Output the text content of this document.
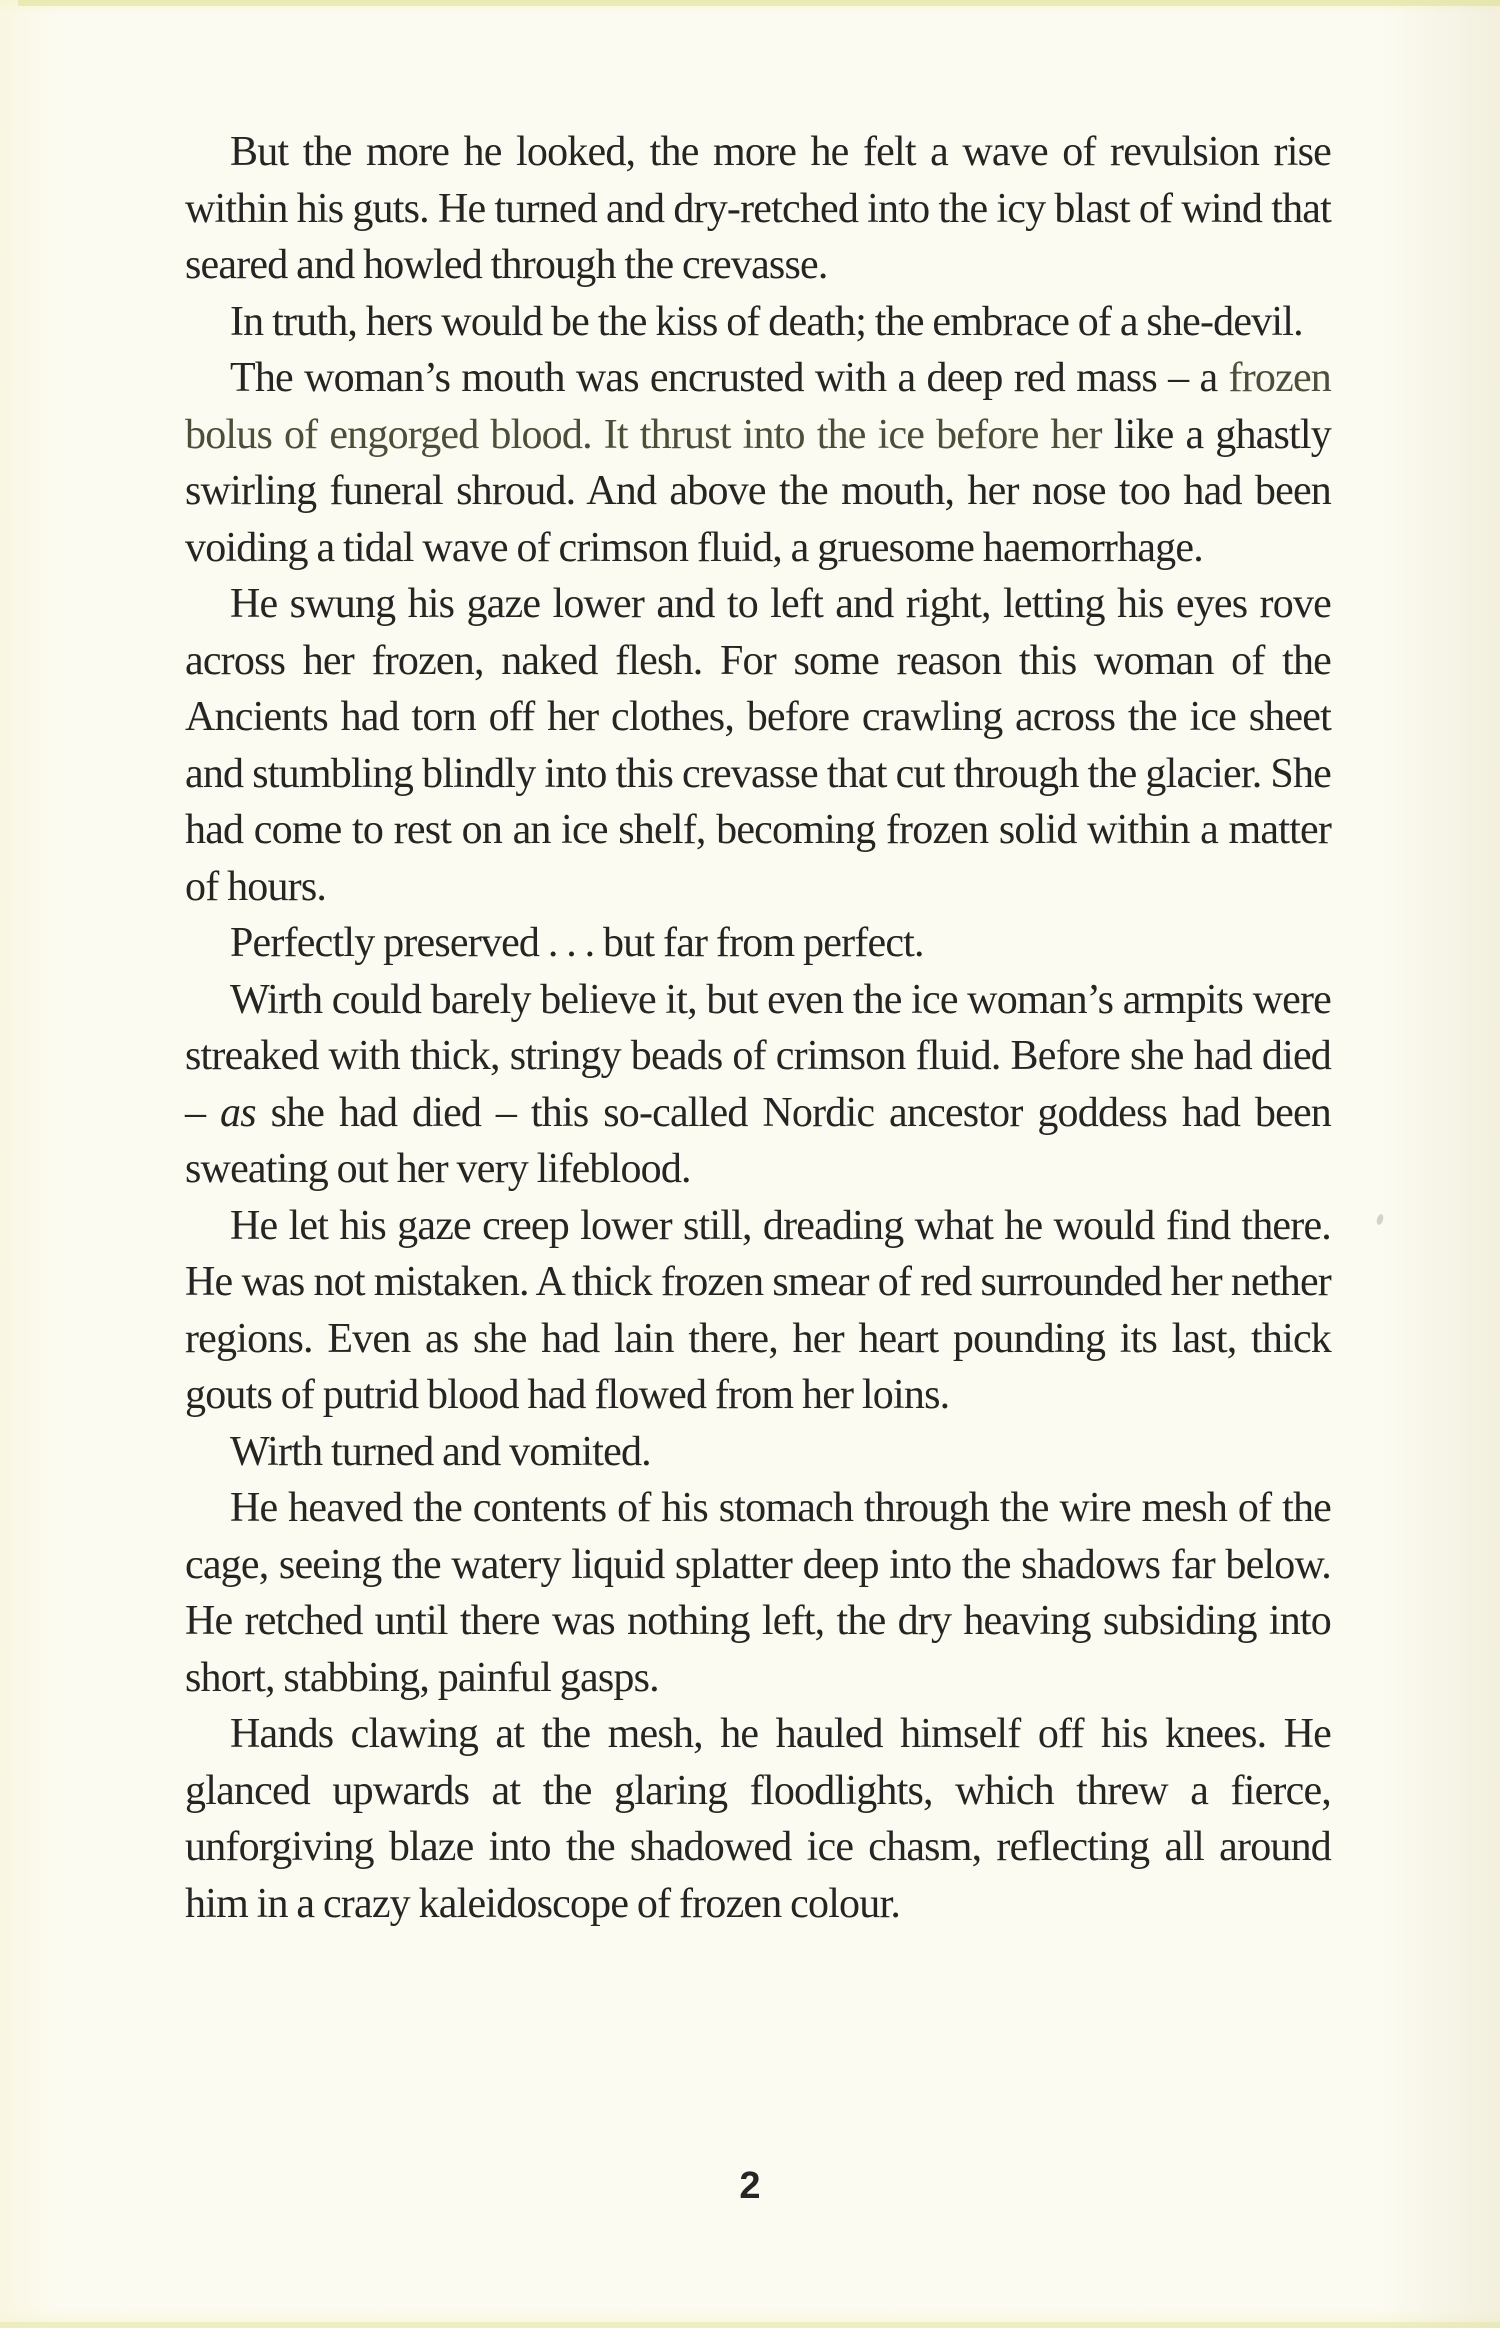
But the more he looked, the more he felt a wave of revulsion rise within his guts. He turned and dry-retched into the icy blast of wind that seared and howled through the crevasse.

In truth, hers would be the kiss of death; the embrace of a she-devil.

The woman’s mouth was encrusted with a deep red mass – a frozen bolus of engorged blood. It thrust into the ice before her like a ghastly swirling funeral shroud. And above the mouth, her nose too had been voiding a tidal wave of crimson fluid, a gruesome haemorrhage.

He swung his gaze lower and to left and right, letting his eyes rove across her frozen, naked flesh. For some reason this woman of the Ancients had torn off her clothes, before crawling across the ice sheet and stumbling blindly into this crevasse that cut through the glacier. She had come to rest on an ice shelf, becoming frozen solid within a matter of hours.

Perfectly preserved . . . but far from perfect.

Wirth could barely believe it, but even the ice woman’s armpits were streaked with thick, stringy beads of crimson fluid. Before she had died – as she had died – this so-called Nordic ancestor goddess had been sweating out her very lifeblood.

He let his gaze creep lower still, dreading what he would find there. He was not mistaken. A thick frozen smear of red surrounded her nether regions. Even as she had lain there, her heart pounding its last, thick gouts of putrid blood had flowed from her loins.

Wirth turned and vomited.

He heaved the contents of his stomach through the wire mesh of the cage, seeing the watery liquid splatter deep into the shadows far below. He retched until there was nothing left, the dry heaving subsiding into short, stabbing, painful gasps.

Hands clawing at the mesh, he hauled himself off his knees. He glanced upwards at the glaring floodlights, which threw a fierce, unforgiving blaze into the shadowed ice chasm, reflecting all around him in a crazy kaleidoscope of frozen colour.

2
